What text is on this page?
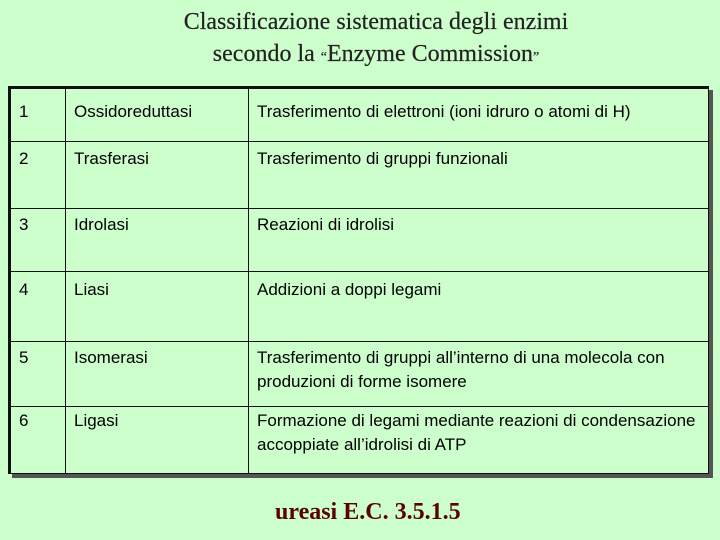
Classificazione sistematica degli enzimi
secondo la “Enzyme Commission”
1	Ossidoreduttasi	Trasferimento di elettroni (ioni idruro o atomi di H)
2	Trasferasi	Trasferimento di gruppi funzionali
3	Idrolasi	Reazioni di idrolisi
4	Liasi	Addizioni a doppi legami
5	Isomerasi	Trasferimento di gruppi all’interno di una molecola con produzioni di forme isomere
6	Ligasi	Formazione di legami mediante reazioni di condensazione accoppiate all’idrolisi di ATP
ureasi E.C. 3.5.1.5
